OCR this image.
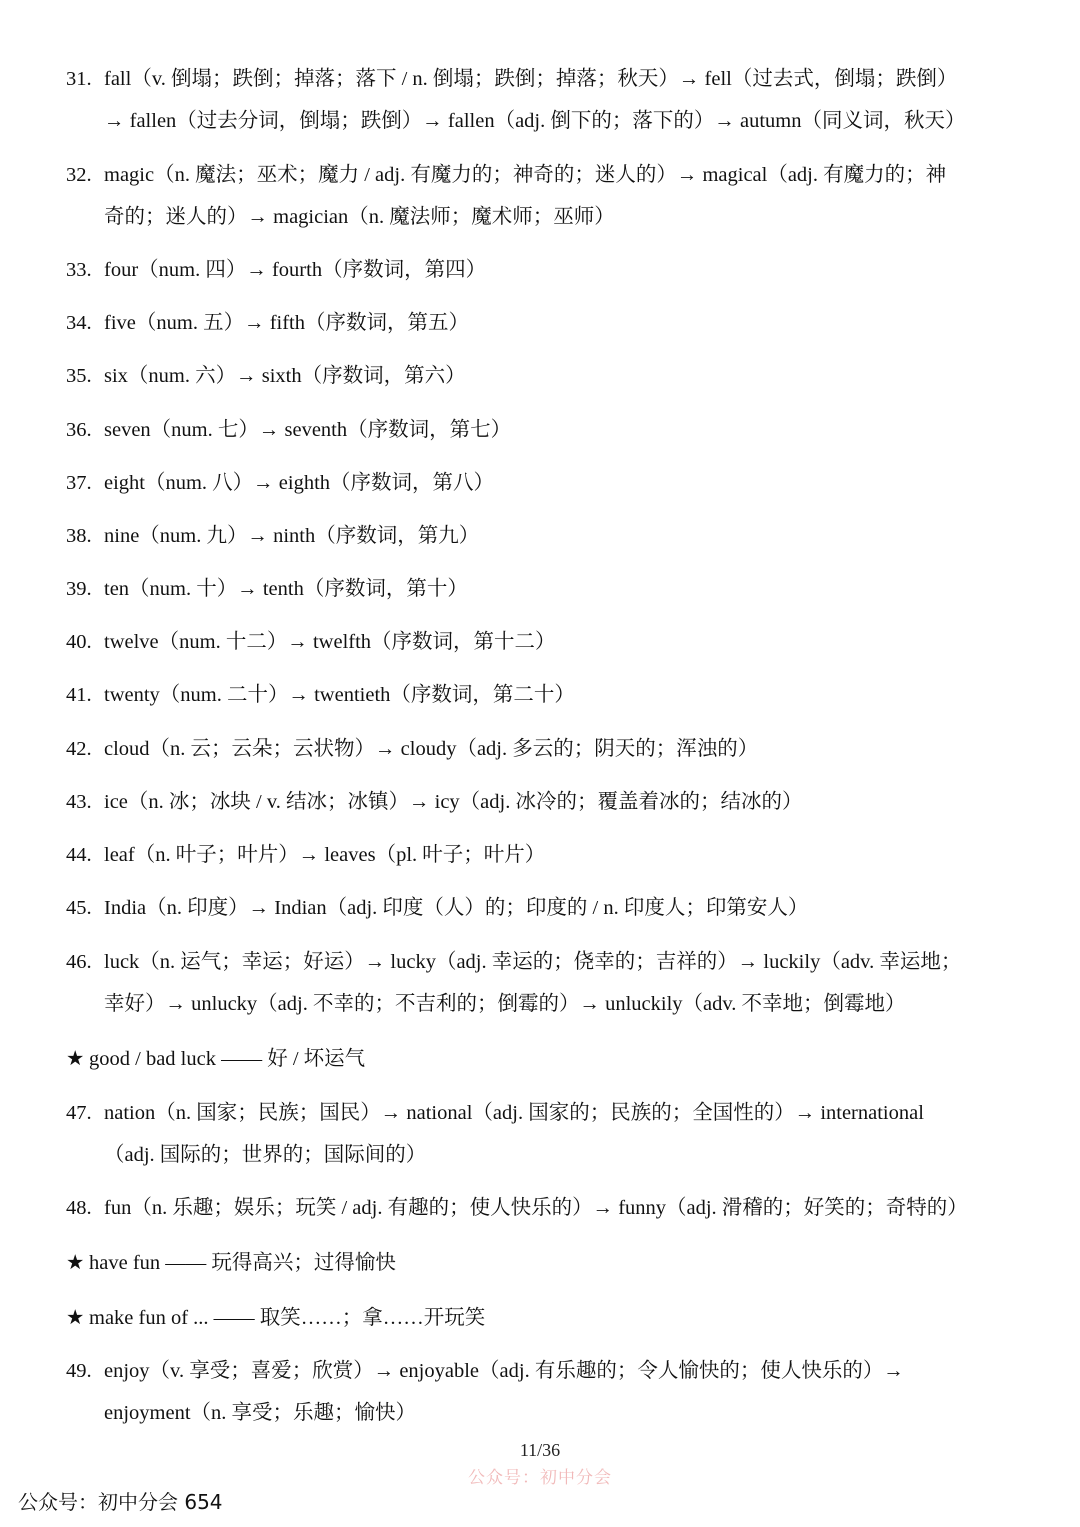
31. fall（v. 倒塌；跌倒；掉落；落下 / n. 倒塌；跌倒；掉落；秋天）→ fell（过去式，倒塌；跌倒）
→ fallen（过去分词，倒塌；跌倒）→ fallen（adj. 倒下的；落下的）→ autumn（同义词，秋天）
32. magic（n. 魔法；巫术；魔力 / adj. 有魔力的；神奇的；迷人的）→ magical（adj. 有魔力的；神
奇的；迷人的）→ magician（n. 魔法师；魔术师；巫师）
33. four（num. 四）→ fourth（序数词，第四）
34. five（num. 五）→ fifth（序数词，第五）
35. six（num. 六）→ sixth（序数词，第六）
36. seven（num. 七）→ seventh（序数词，第七）
37. eight（num. 八）→ eighth（序数词，第八）
38. nine（num. 九）→ ninth（序数词，第九）
39. ten（num. 十）→ tenth（序数词，第十）
40. twelve（num. 十二）→ twelfth（序数词，第十二）
41. twenty（num. 二十）→ twentieth（序数词，第二十）
42. cloud（n. 云；云朵；云状物）→ cloudy（adj. 多云的；阴天的；浑浊的）
43. ice（n. 冰；冰块 / v. 结冰；冰镇）→ icy（adj. 冰冷的；覆盖着冰的；结冰的）
44. leaf（n. 叶子；叶片）→ leaves（pl. 叶子；叶片）
45. India（n. 印度）→ Indian（adj. 印度（人）的；印度的 / n. 印度人；印第安人）
46. luck（n. 运气；幸运；好运）→ lucky（adj. 幸运的；侥幸的；吉祥的）→ luckily（adv. 幸运地；
幸好）→ unlucky（adj. 不幸的；不吉利的；倒霉的）→ unluckily（adv. 不幸地；倒霉地）
★ good / bad luck —— 好 / 坏运气
47. nation（n. 国家；民族；国民）→ national（adj. 国家的；民族的；全国性的）→ international
（adj. 国际的；世界的；国际间的）
48. fun（n. 乐趣；娱乐；玩笑 / adj. 有趣的；使人快乐的）→ funny（adj. 滑稽的；好笑的；奇特的）
★ have fun —— 玩得高兴；过得愉快
★ make fun of ... —— 取笑……；拿……开玩笑
49. enjoy（v. 享受；喜爱；欣赏）→ enjoyable（adj. 有乐趣的；令人愉快的；使人快乐的）→
enjoyment（n. 享受；乐趣；愉快）
11/36
公众号：初中分会
公众号：初中分会 654
